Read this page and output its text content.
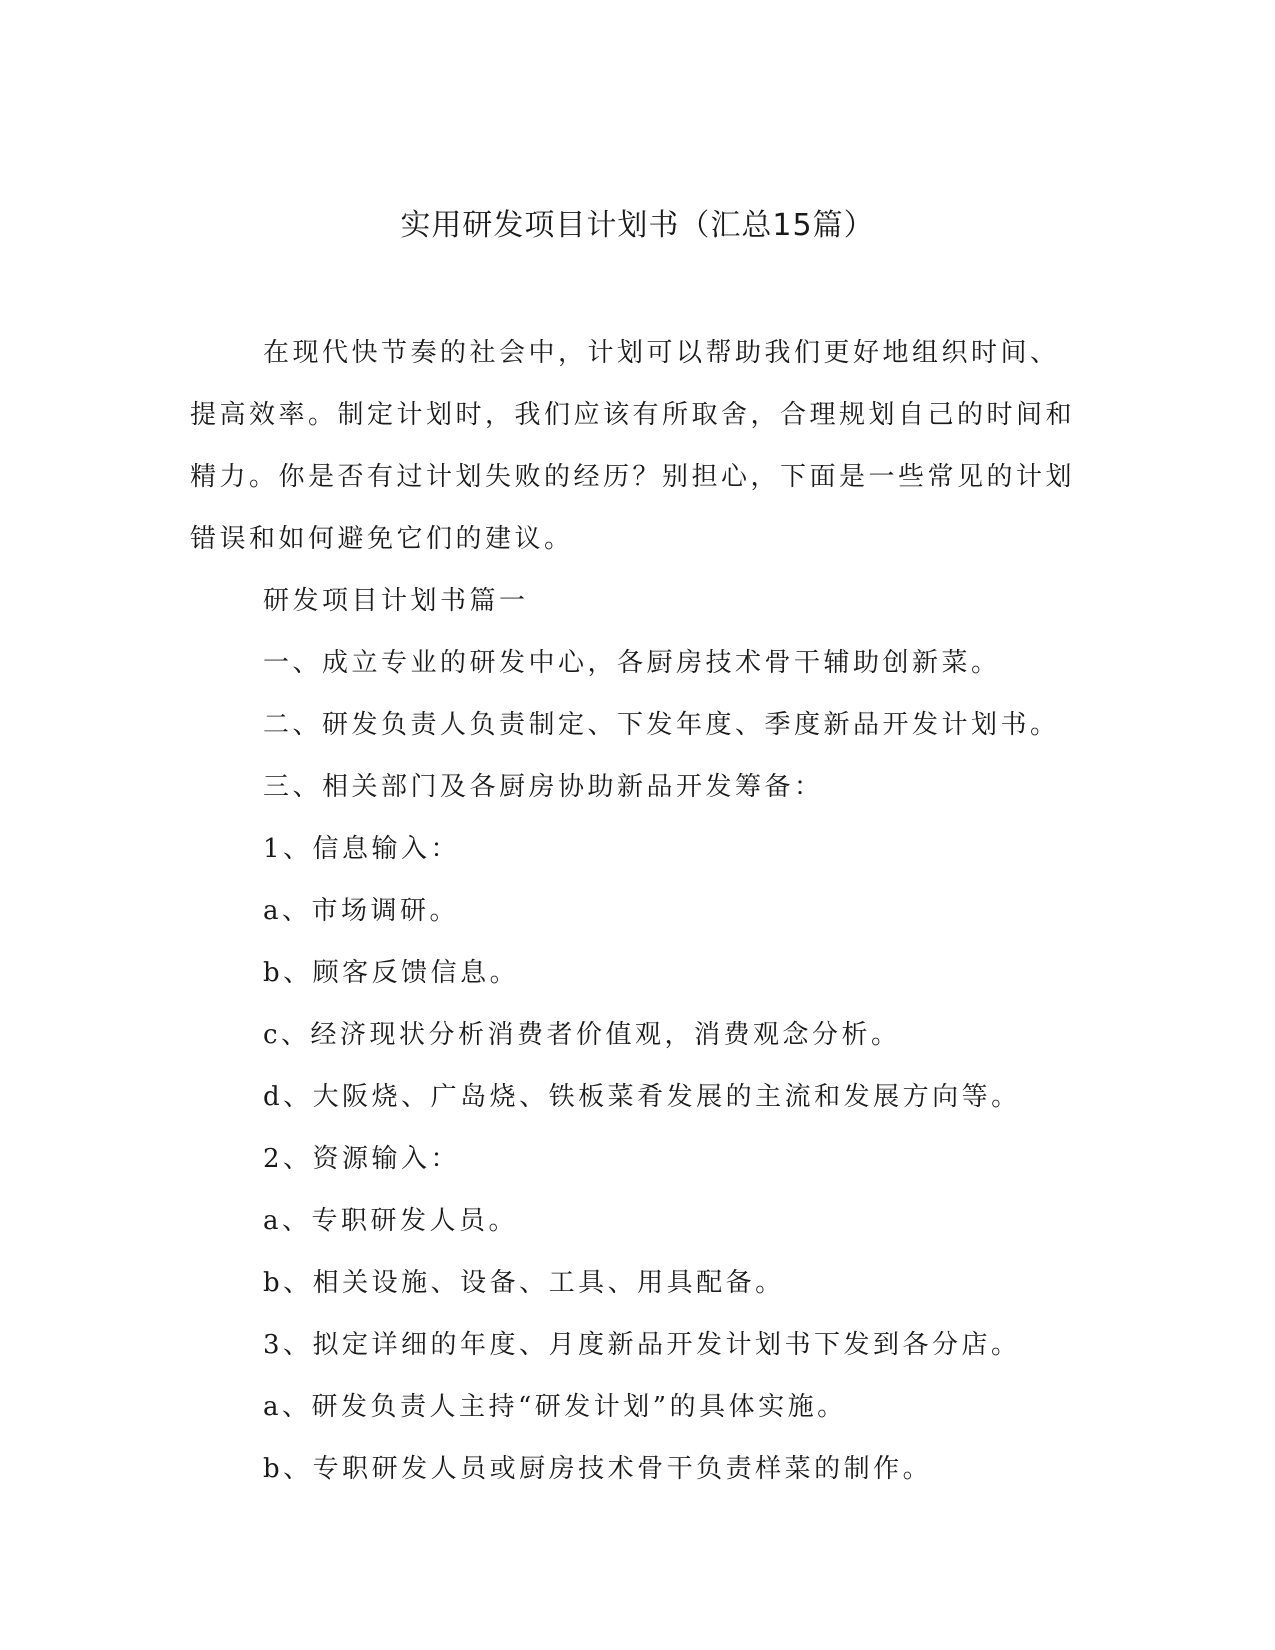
实用研发项目计划书（汇总15篇）

在现代快节奏的社会中，计划可以帮助我们更好地组织时间、提高效率。制定计划时，我们应该有所取舍，合理规划自己的时间和精力。你是否有过计划失败的经历？别担心，下面是一些常见的计划错误和如何避免它们的建议。

研发项目计划书篇一

一、成立专业的研发中心，各厨房技术骨干辅助创新菜。

二、研发负责人负责制定、下发年度、季度新品开发计划书。

三、相关部门及各厨房协助新品开发筹备：

1、信息输入：

a、市场调研。

b、顾客反馈信息。

c、经济现状分析消费者价值观，消费观念分析。

d、大阪烧、广岛烧、铁板菜肴发展的主流和发展方向等。

2、资源输入：

a、专职研发人员。

b、相关设施、设备、工具、用具配备。

3、拟定详细的年度、月度新品开发计划书下发到各分店。

a、研发负责人主持“研发计划”的具体实施。

b、专职研发人员或厨房技术骨干负责样菜的制作。
